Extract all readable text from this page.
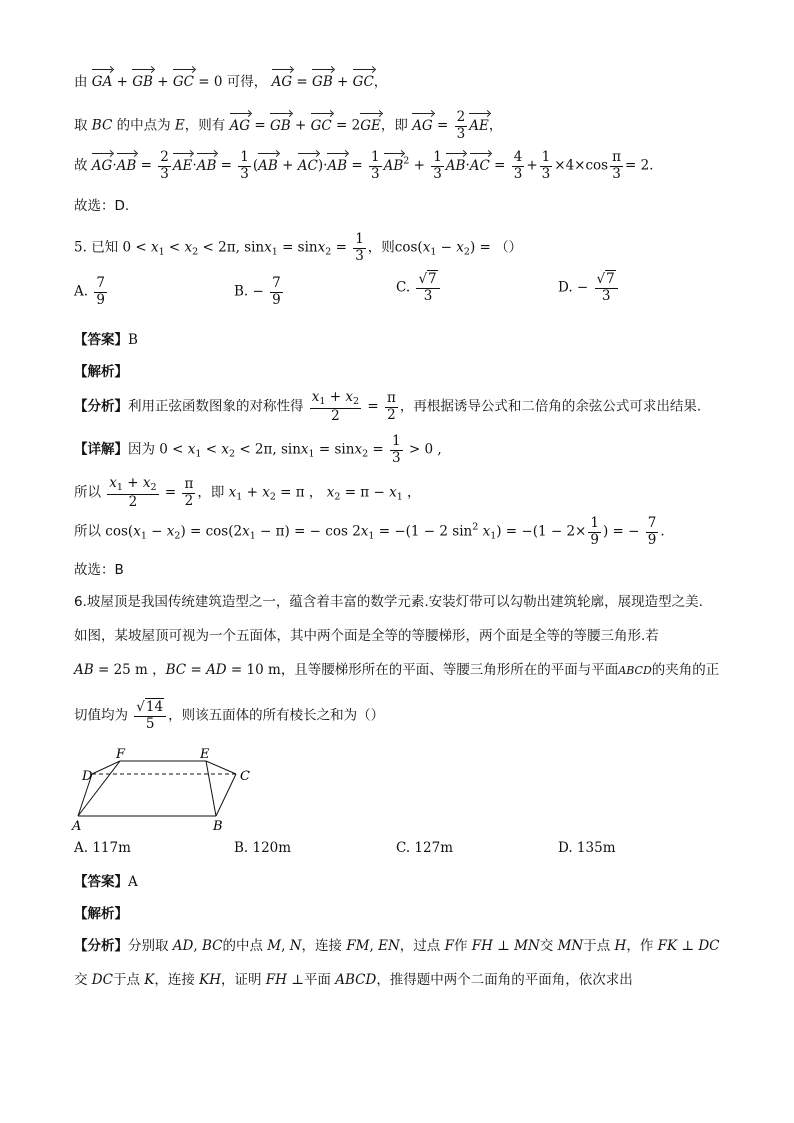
由 GA + GB + GC = 0 可得， AG = GB + GC，
取 BC 的中点为 E，则有 AG = GB + GC = 2GE，即 AG = $\frac{2}{3}$ AE，
故 $AG\cdot AB = \frac{2}{3} AE\cdot AB = \frac{1}{3} (AB + AC)\cdot AB = \frac{1}{3} AB^2 + \frac{1}{3} AB\cdot AC = \frac{4}{3} + \frac{1}{3} \times 4\times\cos \frac{\pi}{3} = 2$．
故选：D.
5. 已知 $0 < x_1 < x_2 < 2\pi$, $\sin x_1 = \sin x_2 = \frac{1}{3}$ ，则$\cos(x_1 - x_2)$ = （）
A. $\frac{7}{9}$	B. − $\frac{7}{9}$	C. $\frac{√7}{3}$	D. − $\frac{√7}{3}$
【答案】B
【解析】
【分析】利用正弦函数图象的对称性得 $\frac{x_1 + x_2}{2} = \frac{\pi}{2}$ ，再根据诱导公式和二倍角的余弦公式可求出结果.
【详解】因为 $0 < x_1 < x_2 < 2\pi$, $\sin x_1 = \sin x_2 = \frac{1}{3} > 0$ ,
所以 $\frac{x_1 + x_2}{2} = \frac{\pi}{2}$ ，即 $x_1 + x_2 = \pi$ ， $x_2 = \pi - x_1$ ，
所以 $\cos(x_1 - x_2) = \cos(2x_1 - \pi)$ = − $\cos 2x_1 = -(1 - 2$ $\sin^2 x_1) = -(1 - 2\times \frac{1}{9}$ ) = − $\frac{7}{9}$ .
故选：B
6.坡屋顶是我国传统建筑造型之一，蕴含着丰富的数学元素.安装灯带可以勾勒出建筑轮廓，展现造型之美.
如图，某坡屋顶可视为一个五面体，其中两个面是全等的等腰梯形，两个面是全等的等腰三角形.若
AB = 25 m ，BC = AD = 10 m，且等腰梯形所在的平面、等腰三角形所在的平面与平面ABCD的夹角的正
切值均为 $\frac{√14}{5}$ ，则该五面体的所有棱长之和为（）
F	E
D	C
A	B
A. 117m	B. 120m	C. 127m	D. 135m
【答案】A
【解析】
【分析】分别取 AD, BC的中点 M, N，连接 FM, EN，过点 F作 FH ⊥ MN交 MN于点 H，作 FK ⊥ DC
交 DC于点 K，连接 KH，证明 FH ⊥平面 ABCD，推得题中两个二面角的平面角，依次求出
